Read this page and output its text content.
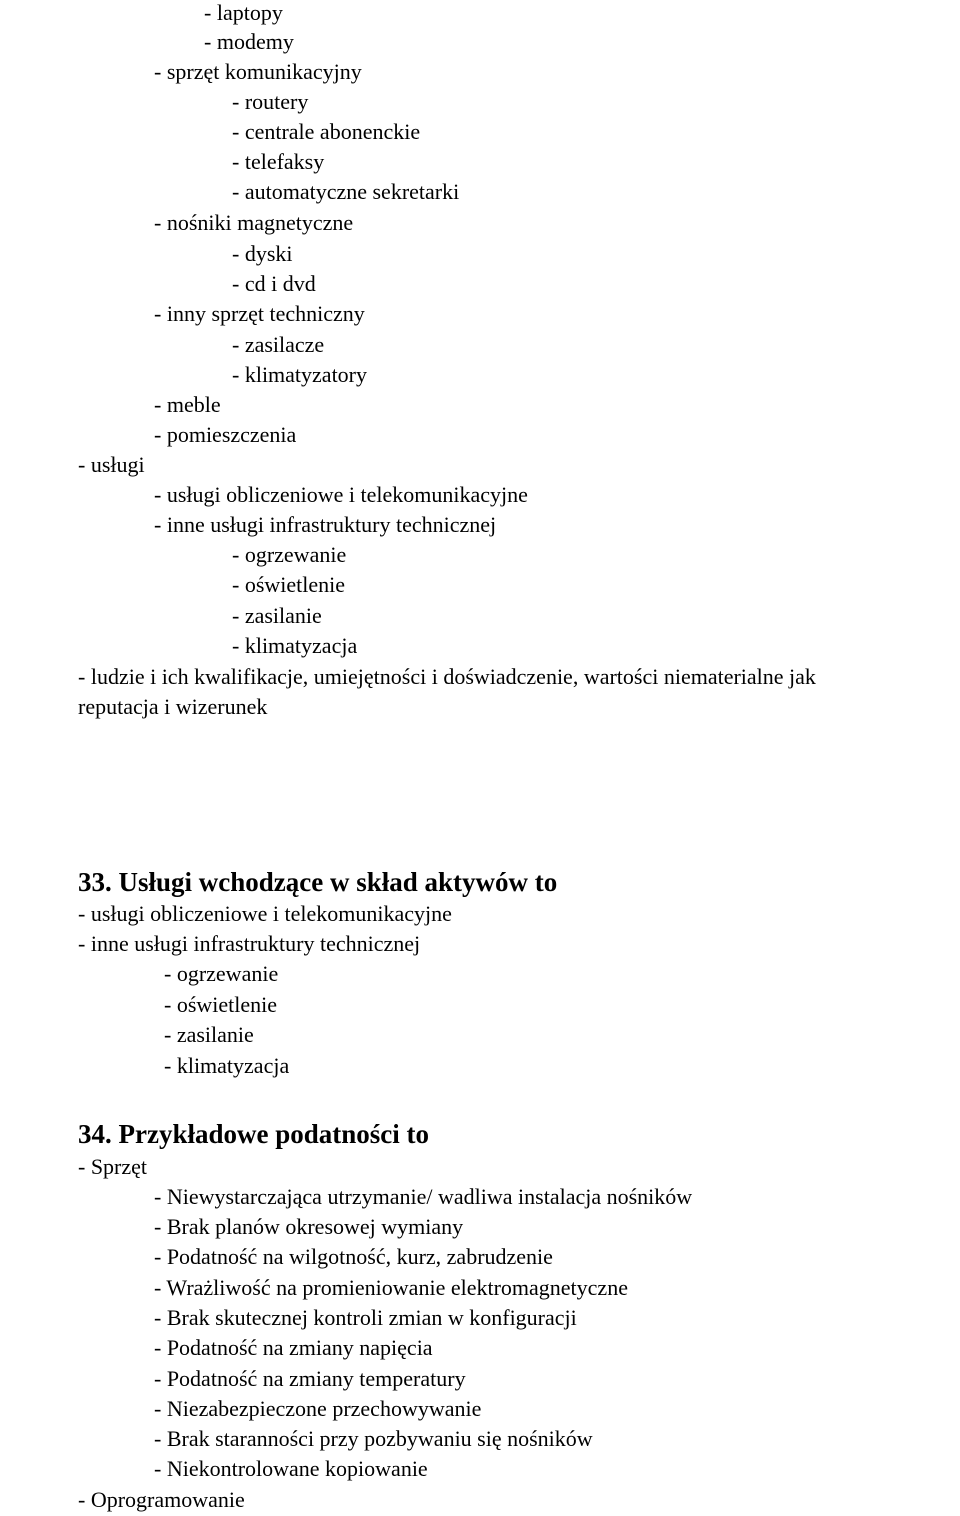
- laptopy
- modemy
- sprzęt komunikacyjny
- routery
- centrale abonenckie
- telefaksy
- automatyczne sekretarki
- nośniki magnetyczne
- dyski
- cd i dvd
- inny sprzęt techniczny
- zasilacze
- klimatyzatory
- meble
- pomieszczenia
- usługi
- usługi obliczeniowe i telekomunikacyjne
- inne usługi infrastruktury technicznej
- ogrzewanie
- oświetlenie
- zasilanie
- klimatyzacja
- ludzie i ich kwalifikacje, umiejętności i doświadczenie, wartości niematerialne jak
reputacja i wizerunek
33. Usługi wchodzące w skład aktywów to
- usługi obliczeniowe i telekomunikacyjne
- inne usługi infrastruktury technicznej
- ogrzewanie
- oświetlenie
- zasilanie
- klimatyzacja
34. Przykładowe podatności to
- Sprzęt
- Niewystarczająca utrzymanie/ wadliwa instalacja nośników
- Brak planów okresowej wymiany
- Podatność na wilgotność, kurz, zabrudzenie
- Wrażliwość na promieniowanie elektromagnetyczne
- Brak skutecznej kontroli zmian w konfiguracji
- Podatność na zmiany napięcia
- Podatność na zmiany temperatury
- Niezabezpieczone przechowywanie
- Brak staranności przy pozbywaniu się nośników
- Niekontrolowane kopiowanie
- Oprogramowanie
